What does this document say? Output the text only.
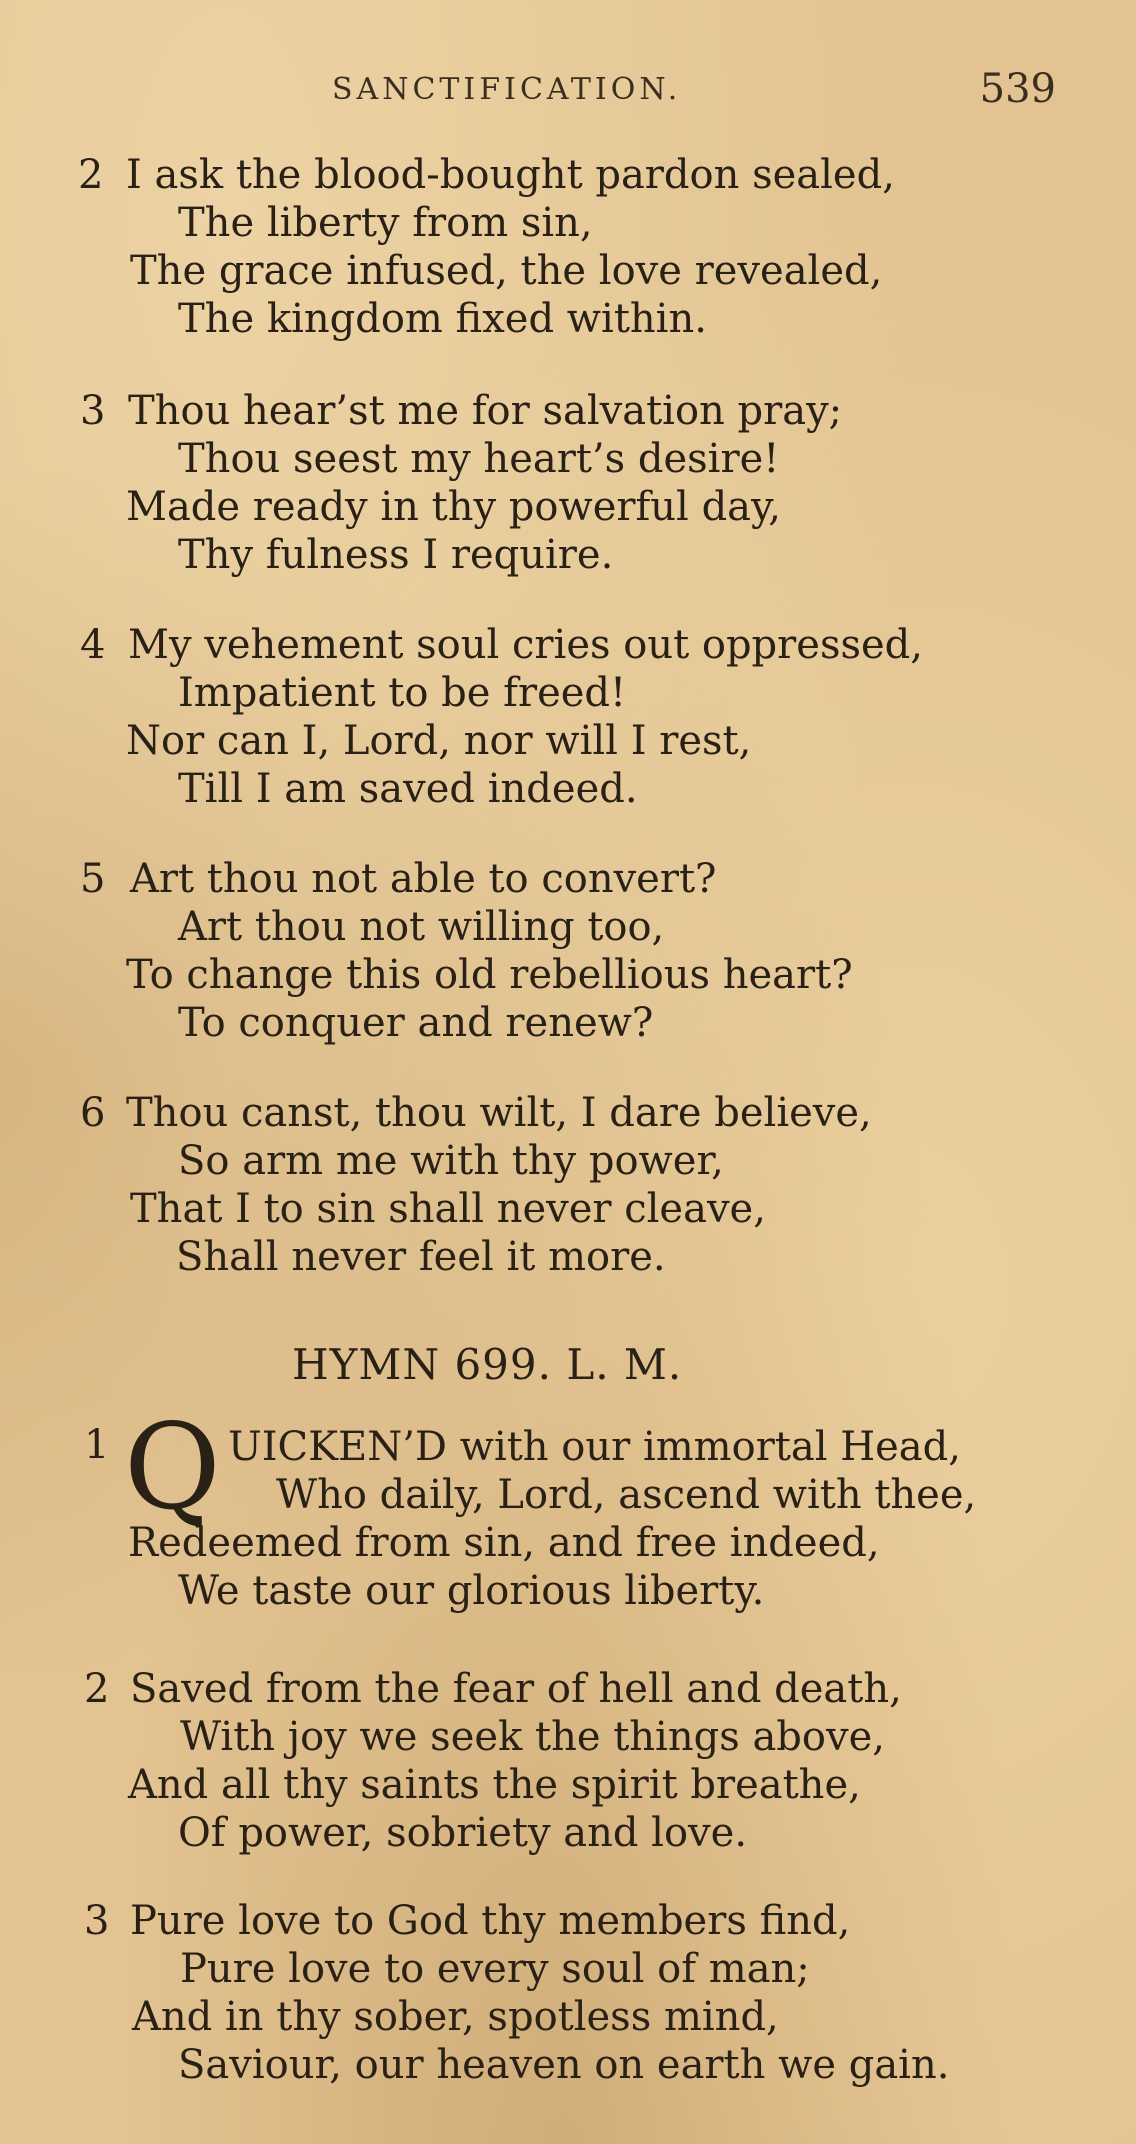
SANCTIFICATION.	539
2 I ask the blood-bought pardon sealed,
The liberty from sin,
The grace infused, the love revealed,
The kingdom fixed within.
3 Thou hear’st me for salvation pray;
Thou seest my heart’s desire!
Made ready in thy powerful day,
Thy fulness I require.
4 My vehement soul cries out oppressed,
Impatient to be freed!
Nor can I, Lord, nor will I rest,
Till I am saved indeed.
5 Art thou not able to convert?
Art thou not willing too,
To change this old rebellious heart?
To conquer and renew?
6 Thou canst, thou wilt, I dare believe,
So arm me with thy power,
That I to sin shall never cleave,
Shall never feel it more.
HYMN 699. L. M.
1 Q UICKEN’D with our immortal Head,
Who daily, Lord, ascend with thee,
Redeemed from sin, and free indeed,
We taste our glorious liberty.
2 Saved from the fear of hell and death,
With joy we seek the things above,
And all thy saints the spirit breathe,
Of power, sobriety and love.
3 Pure love to God thy members find,
Pure love to every soul of man;
And in thy sober, spotless mind,
Saviour, our heaven on earth we gain.
